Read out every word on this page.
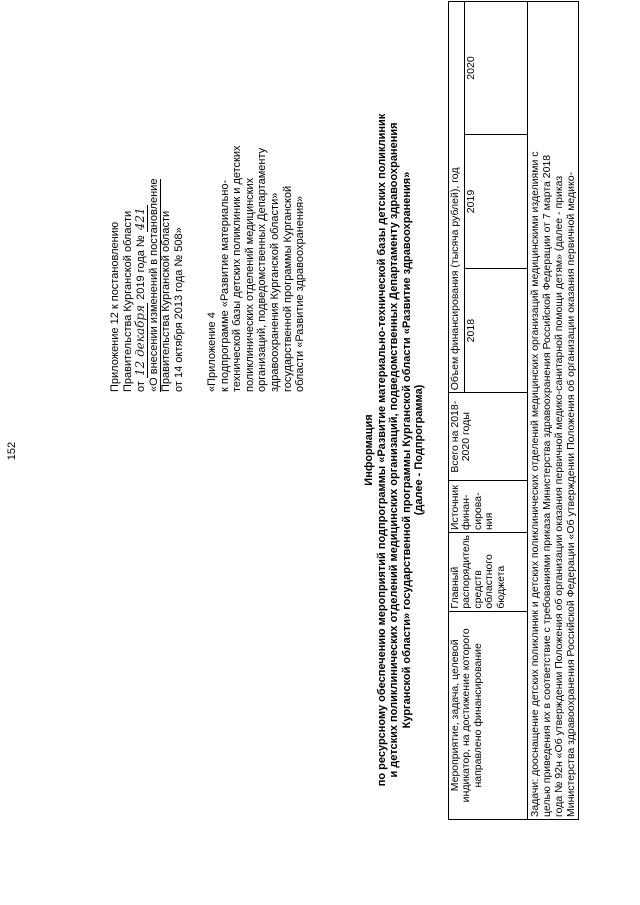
152
Приложение 12 к постановлению Правительства Курганской области от 12 декабря 2019 года № 421 «О внесении изменений в постановление Правительства Курганской области от 14 октября 2013 года № 508» «Приложение 4 к подпрограмме «Развитие материально- технической базы детских поликлиник и детских поликлинических отделений медицинских организаций, подведомственных Департаменту здравоохранения Курганской области» государственной программы Курганской области «Развитие здравоохранения»
Информация по ресурсному обеспечению мероприятий подпрограммы «Развитие материально-технической базы детских поликлиник и детских поликлинических отделений медицинских организаций, подведомственных Департаменту здравоохранения Курганской области» государственной программы Курганской области «Развитие здравоохранения» (далее - Подпрограмма)
Мероприятие, задача, целевой индикатор, на достижение которого направлено финансирование	Главный распорядитель средств областного бюджета	Источник финан-сирова-ния	Всего на 2018-2020 годы	Объем финансирования (тысяча рублей), год		
				2018	2019	2020

Задачи: дооснащение детских поликлиник и детских поликлинических отделений медицинских организаций медицинскими изделиями с целью приведения их в соответствие с требованиями приказа Министерства здравоохранения Российской Федерации от 7 марта 2018 года № 92н «Об утверждении Положения об организации оказания первичной медико-санитарной помощи детям» (далее - приказ Министерства здравоохранения Российской Федерации «Об утверждении Положения об организации оказания первичной медико-						
